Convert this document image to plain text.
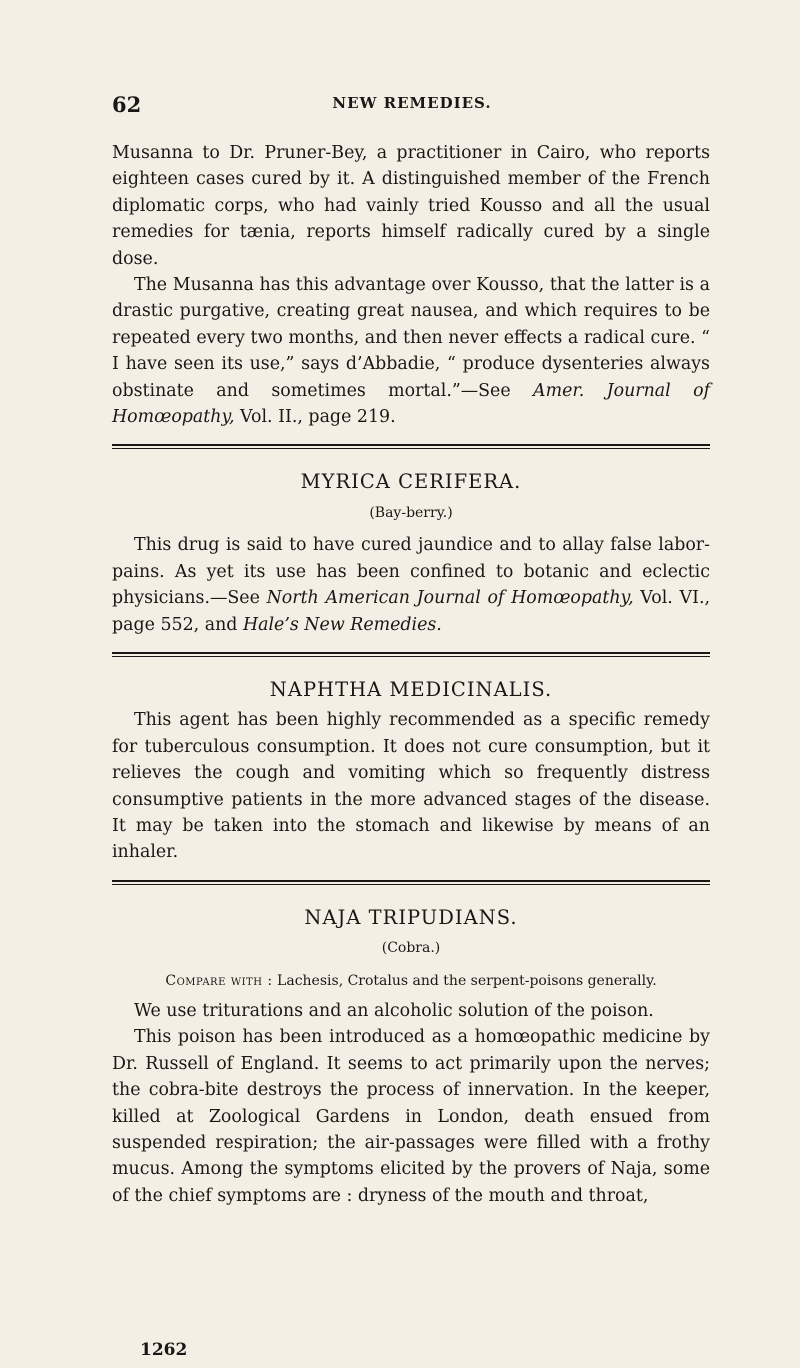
62	NEW REMEDIES.

Musanna to Dr. Pruner-Bey, a practitioner in Cairo, who reports eighteen cases cured by it. A distinguished member of the French diplomatic corps, who had vainly tried Kousso and all the usual remedies for tænia, reports himself radically cured by a single dose.

The Musanna has this advantage over Kousso, that the latter is a drastic purgative, creating great nausea, and which requires to be repeated every two months, and then never effects a radical cure. “ I have seen its use,” says d’Abbadie, “ produce dysenteries always obstinate and sometimes mortal.”—See Amer. Journal of Homœopathy, Vol. II., page 219.

MYRICA CERIFERA.
(Bay-berry.)

This drug is said to have cured jaundice and to allay false labor-pains. As yet its use has been confined to botanic and eclectic physicians.—See North American Journal of Homœopathy, Vol. VI., page 552, and Hale’s New Remedies.

NAPHTHA MEDICINALIS.

This agent has been highly recommended as a specific remedy for tuberculous consumption. It does not cure consumption, but it relieves the cough and vomiting which so frequently distress consumptive patients in the more advanced stages of the disease. It may be taken into the stomach and likewise by means of an inhaler.

NAJA TRIPUDIANS.
(Cobra.)
Compare with : Lachesis, Crotalus and the serpent-poisons generally.

We use triturations and an alcoholic solution of the poison.

This poison has been introduced as a homœopathic medicine by Dr. Russell of England. It seems to act primarily upon the nerves; the cobra-bite destroys the process of innervation. In the keeper, killed at Zoological Gardens in London, death ensued from suspended respiration; the air-passages were filled with a frothy mucus. Among the symptoms elicited by the provers of Naja, some of the chief symptoms are : dryness of the mouth and throat,

1262
